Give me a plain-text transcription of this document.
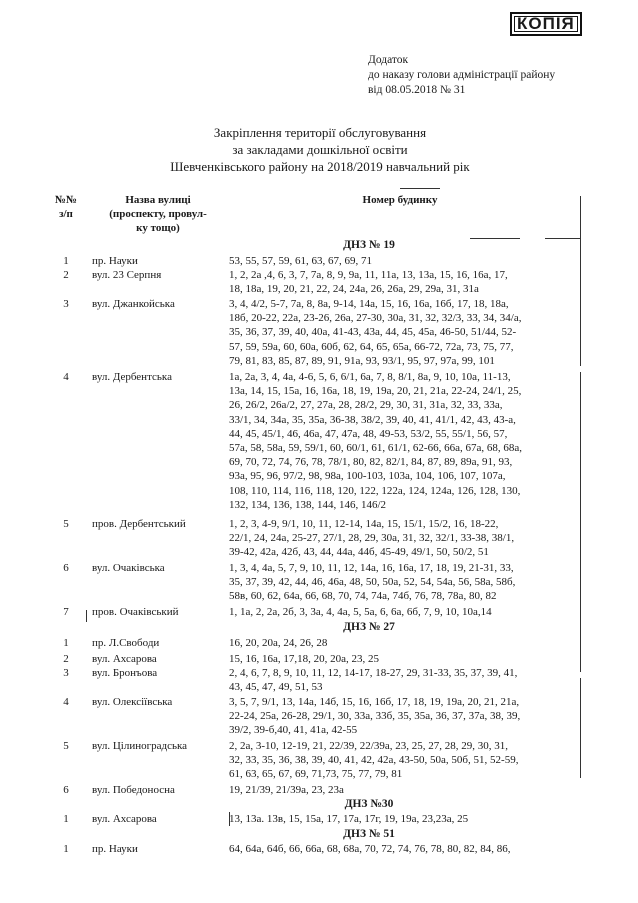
КОПІЯ
Додаток
до наказу голови адміністрації району
від 08.05.2018 № 31
Закріплення території обслуговування
за закладами дошкільної освіти
Шевченківського району на 2018/2019 навчальний рік
№№
з/п
Назва вулиці
(проспекту, провул-
ку тощо)
Номер будинку
ДНЗ № 19
1	пр. Науки	53, 55, 57, 59, 61, 63, 67, 69, 71
2	вул. 23 Серпня	1, 2, 2а ,4, 6, 3, 7, 7а, 8, 9, 9а, 11, 11а, 13, 13а, 15, 16, 16а, 17,
18, 18а, 19, 20, 21, 22, 24, 24а, 26, 26а, 29, 29а, 31, 31а
3	вул. Джанкойська	3, 4, 4/2, 5-7, 7а, 8, 8а, 9-14, 14а, 15, 16, 16а, 16б, 17, 18, 18а,
18б, 20-22, 22а, 23-26, 26а, 27-30, 30а, 31, 32, 32/3, 33, 34, 34/а,
35, 36, 37, 39, 40, 40а, 41-43, 43а, 44, 45, 45а, 46-50, 51/44, 52-
57, 59, 59а, 60, 60а, 60б, 62, 64, 65, 65а, 66-72, 72а, 73, 75, 77,
79, 81, 83, 85, 87, 89, 91, 91а, 93, 93/1, 95, 97, 97а, 99, 101
4	вул. Дербентська	1а, 2а, 3, 4, 4а, 4-6, 5, 6, 6/1, 6а, 7, 8, 8/1, 8а, 9, 10, 10а, 11-13,
13а, 14, 15, 15а, 16, 16а, 18, 19, 19а, 20, 21, 21а, 22-24, 24/1, 25,
26, 26/2, 26а/2, 27, 27а, 28, 28/2, 29, 30, 31, 31а, 32, 33, 33а,
33/1, 34, 34а, 35, 35а, 36-38, 38/2, 39, 40, 41, 41/1, 42, 43, 43-а,
44, 45, 45/1, 46, 46а, 47, 47а, 48, 49-53, 53/2, 55, 55/1, 56, 57,
57а, 58, 58а, 59, 59/1, 60, 60/1, 61, 61/1, 62-66, 66а, 67а, 68, 68а,
69, 70, 72, 74, 76, 78, 78/1, 80, 82, 82/1, 84, 87, 89, 89а, 91, 93,
93а, 95, 96, 97/2, 98, 98а, 100-103, 103а, 104, 106, 107, 107а,
108, 110, 114, 116, 118, 120, 122, 122а, 124, 124а, 126, 128, 130,
132, 134, 136, 138, 144, 146, 146/2
5	пров. Дербентський	1, 2, 3, 4-9, 9/1, 10, 11, 12-14, 14а, 15, 15/1, 15/2, 16, 18-22,
22/1, 24, 24а, 25-27, 27/1, 28, 29, 30а, 31, 32, 32/1, 33-38, 38/1,
39-42, 42а, 42б, 43, 44, 44а, 44б, 45-49, 49/1, 50, 50/2, 51
6	вул. Очаківська	1, 3, 4, 4а, 5, 7, 9, 10, 11, 12, 14а, 16, 16а, 17, 18, 19, 21-31, 33,
35, 37, 39, 42, 44, 46, 46а, 48, 50, 50а, 52, 54, 54а, 56, 58а, 58б,
58в, 60, 62, 64а, 66, 68, 70, 74, 74а, 74б, 76, 78, 78а, 80, 82
7	пров. Очаківський	1, 1а, 2, 2а, 2б, 3, 3а, 4, 4а, 5, 5а, 6, 6а, 6б, 7, 9, 10, 10а,14
ДНЗ № 27
1	пр. Л.Свободи	16, 20, 20а, 24, 26, 28
2	вул. Ахсарова	15, 16, 16а, 17,18, 20, 20а, 23, 25
3	вул. Бронъова	2, 4, 6, 7, 8, 9, 10, 11, 12, 14-17, 18-27, 29, 31-33, 35, 37, 39, 41,
43, 45, 47, 49, 51, 53
4	вул. Олексіївська	3, 5, 7, 9/1, 13, 14а, 14б, 15, 16, 16б, 17, 18, 19, 19а, 20, 21, 21а,
22-24, 25а, 26-28, 29/1, 30, 33а, 33б, 35, 35а, 36, 37, 37а, 38, 39,
39/2, 39-б,40, 41, 41а, 42-55
5	вул. Цілиноградська	2, 2а, 3-10, 12-19, 21, 22/39, 22/39а, 23, 25, 27, 28, 29, 30, 31,
32, 33, 35, 36, 38, 39, 40, 41, 42, 42а, 43-50, 50а, 50б, 51, 52-59,
61, 63, 65, 67, 69, 71,73, 75, 77, 79, 81
6	вул. Победоносна	19, 21/39, 21/39а, 23, 23а
ДНЗ №30
1	вул. Ахсарова	13, 13а. 13в, 15, 15а, 17, 17а, 17г, 19, 19а, 23,23а, 25
ДНЗ № 51
1	пр. Науки	64, 64а, 64б, 66, 66а, 68, 68а, 70, 72, 74, 76, 78, 80, 82, 84, 86,
